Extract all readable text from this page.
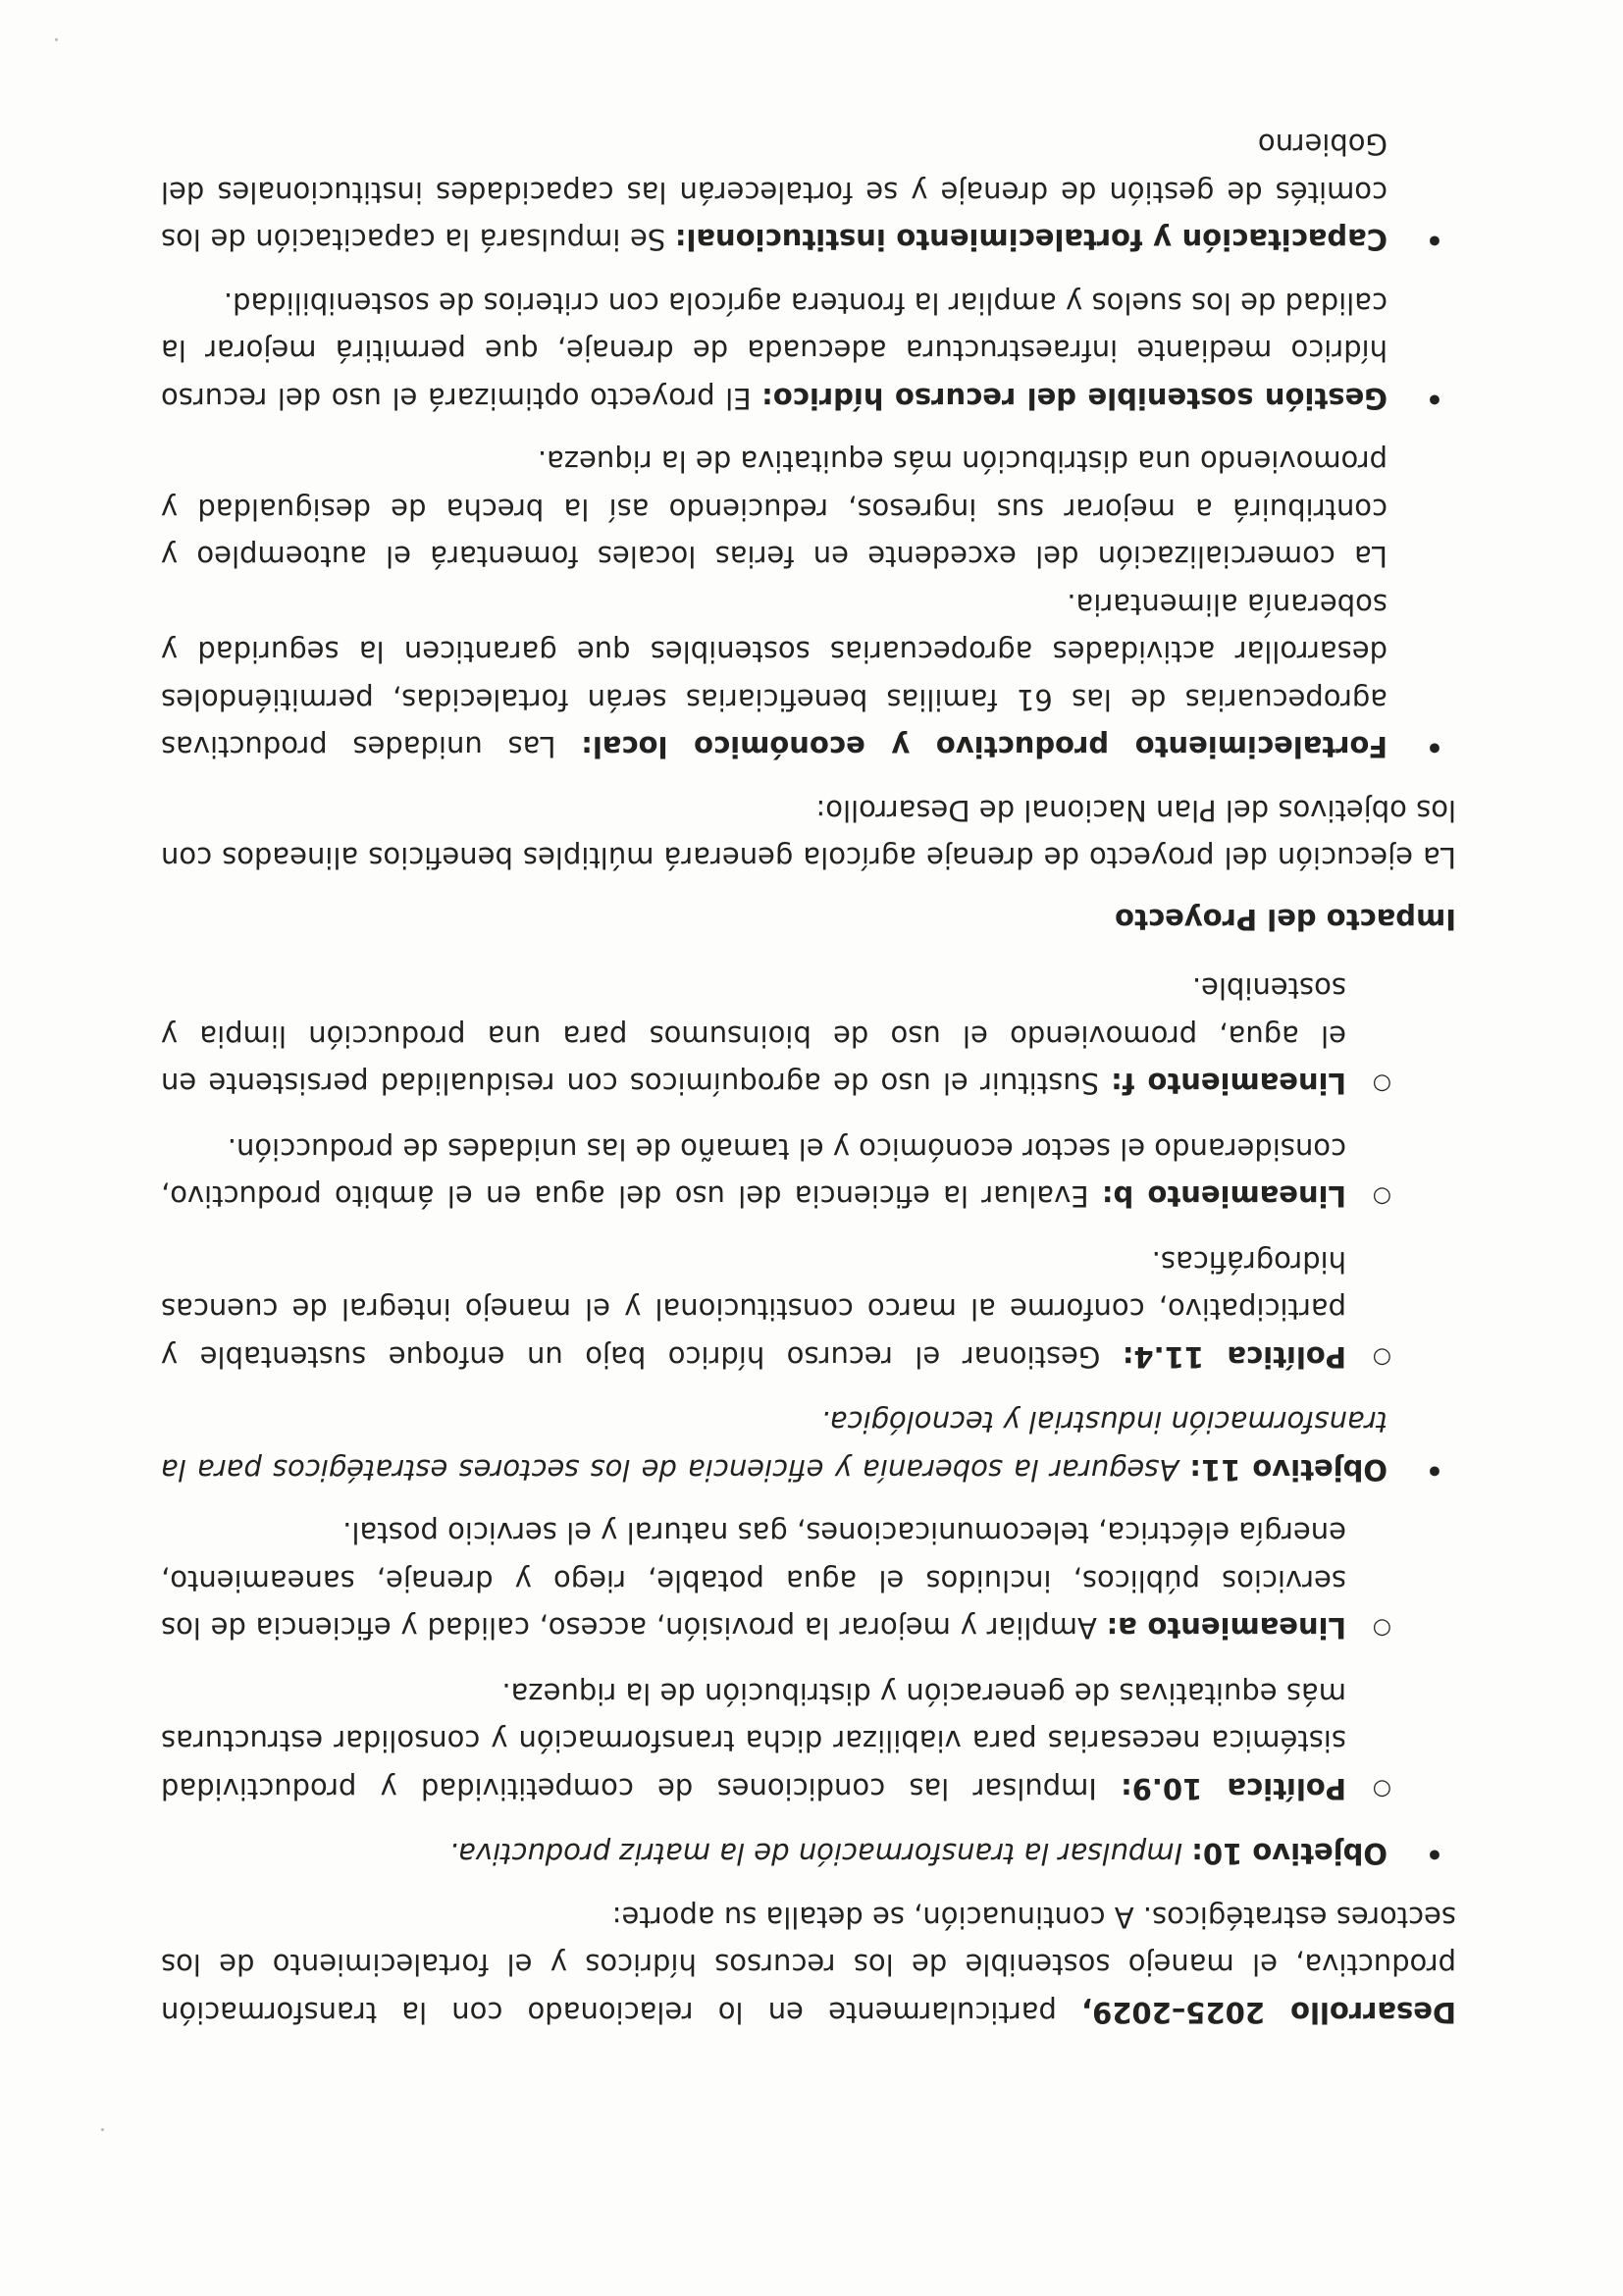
Desarrollo 2025–2029, particularmente en lo relacionado con la transformación productiva, el manejo sostenible de los recursos hídricos y el fortalecimiento de los sectores estratégicos. A continuación, se detalla su aporte:

• Objetivo 10: Impulsar la transformación de la matriz productiva.
○ Política 10.9: Impulsar las condiciones de competitividad y productividad sistémica necesarias para viabilizar dicha transformación y consolidar estructuras más equitativas de generación y distribución de la riqueza.
○ Lineamiento a: Ampliar y mejorar la provisión, acceso, calidad y eficiencia de los servicios públicos, incluidos el agua potable, riego y drenaje, saneamiento, energía eléctrica, telecomunicaciones, gas natural y el servicio postal.
• Objetivo 11: Asegurar la soberanía y eficiencia de los sectores estratégicos para la transformación industrial y tecnológica.
○ Política 11.4: Gestionar el recurso hídrico bajo un enfoque sustentable y participativo, conforme al marco constitucional y el manejo integral de cuencas hidrográficas.
○ Lineamiento b: Evaluar la eficiencia del uso del agua en el ámbito productivo, considerando el sector económico y el tamaño de las unidades de producción.
○ Lineamiento f: Sustituir el uso de agroquímicos con residualidad persistente en el agua, promoviendo el uso de bioinsumos para una producción limpia y sostenible.

Impacto del Proyecto

La ejecución del proyecto de drenaje agrícola generará múltiples beneficios alineados con los objetivos del Plan Nacional de Desarrollo:

• Fortalecimiento productivo y económico local: Las unidades productivas agropecuarias de las 61 familias beneficiarias serán fortalecidas, permitiéndoles desarrollar actividades agropecuarias sostenibles que garanticen la seguridad y soberanía alimentaria.

La comercialización del excedente en ferias locales fomentará el autoempleo y contribuirá a mejorar sus ingresos, reduciendo así la brecha de desigualdad y promoviendo una distribución más equitativa de la riqueza.

• Gestión sostenible del recurso hídrico: El proyecto optimizará el uso del recurso hídrico mediante infraestructura adecuada de drenaje, que permitirá mejorar la calidad de los suelos y ampliar la frontera agrícola con criterios de sostenibilidad.
• Capacitación y fortalecimiento institucional: Se impulsará la capacitación de los comités de gestión de drenaje y se fortalecerán las capacidades institucionales del Gobierno
